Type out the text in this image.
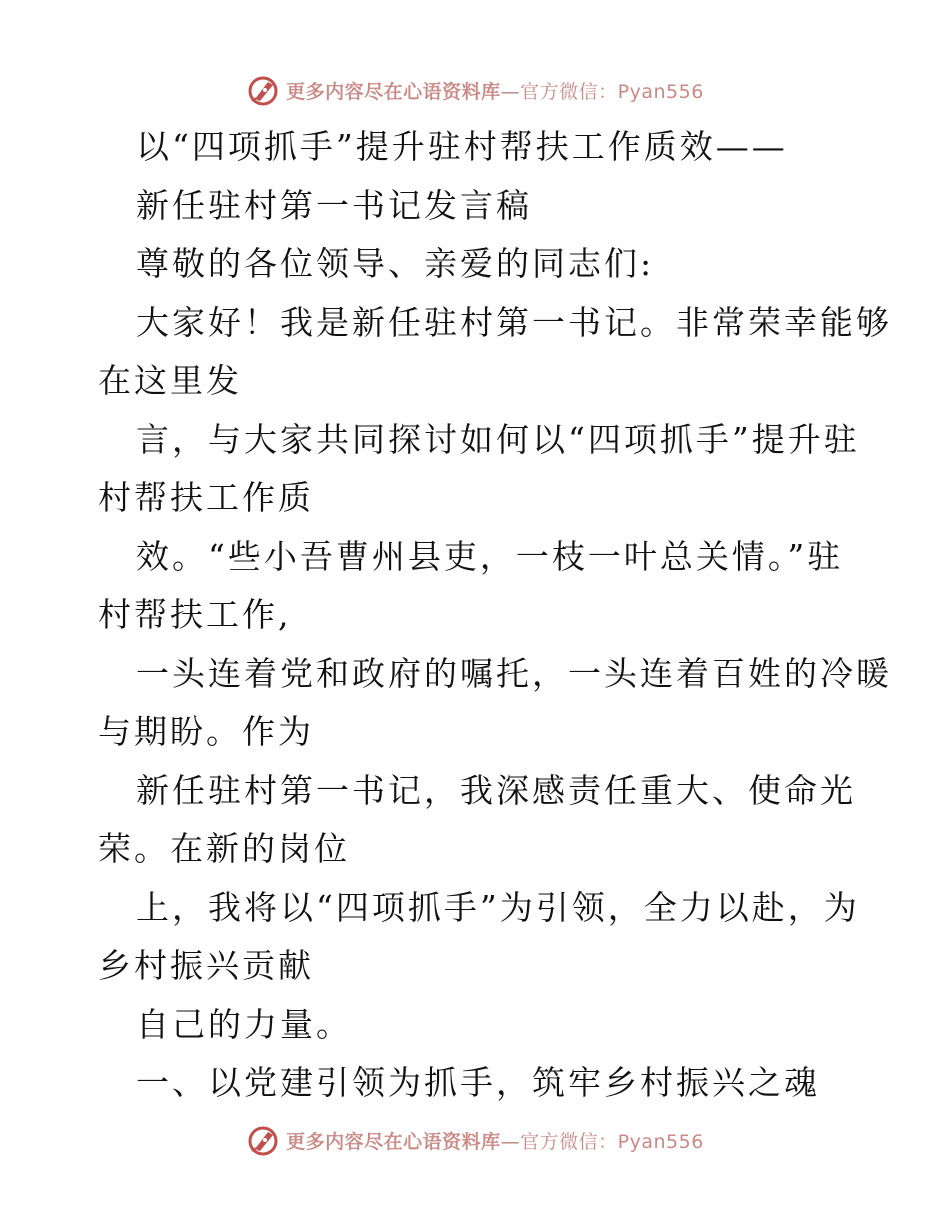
更多内容尽在心语资料库—官方微信：Pyan556
以“四项抓手”提升驻村帮扶工作质效——
新任驻村第一书记发言稿
尊敬的各位领导、亲爱的同志们:
大家好！我是新任驻村第一书记。非常荣幸能够
在这里发
言，与大家共同探讨如何以“四项抓手”提升驻
村帮扶工作质
效。“些小吾曹州县吏，一枝一叶总关情。”驻
村帮扶工作,
一头连着党和政府的嘱托，一头连着百姓的冷暖
与期盼。作为
新任驻村第一书记，我深感责任重大、使命光
荣。在新的岗位
上，我将以“四项抓手”为引领，全力以赴，为
乡村振兴贡献
自己的力量。
一、以党建引领为抓手，筑牢乡村振兴之魂
更多内容尽在心语资料库—官方微信：Pyan556
